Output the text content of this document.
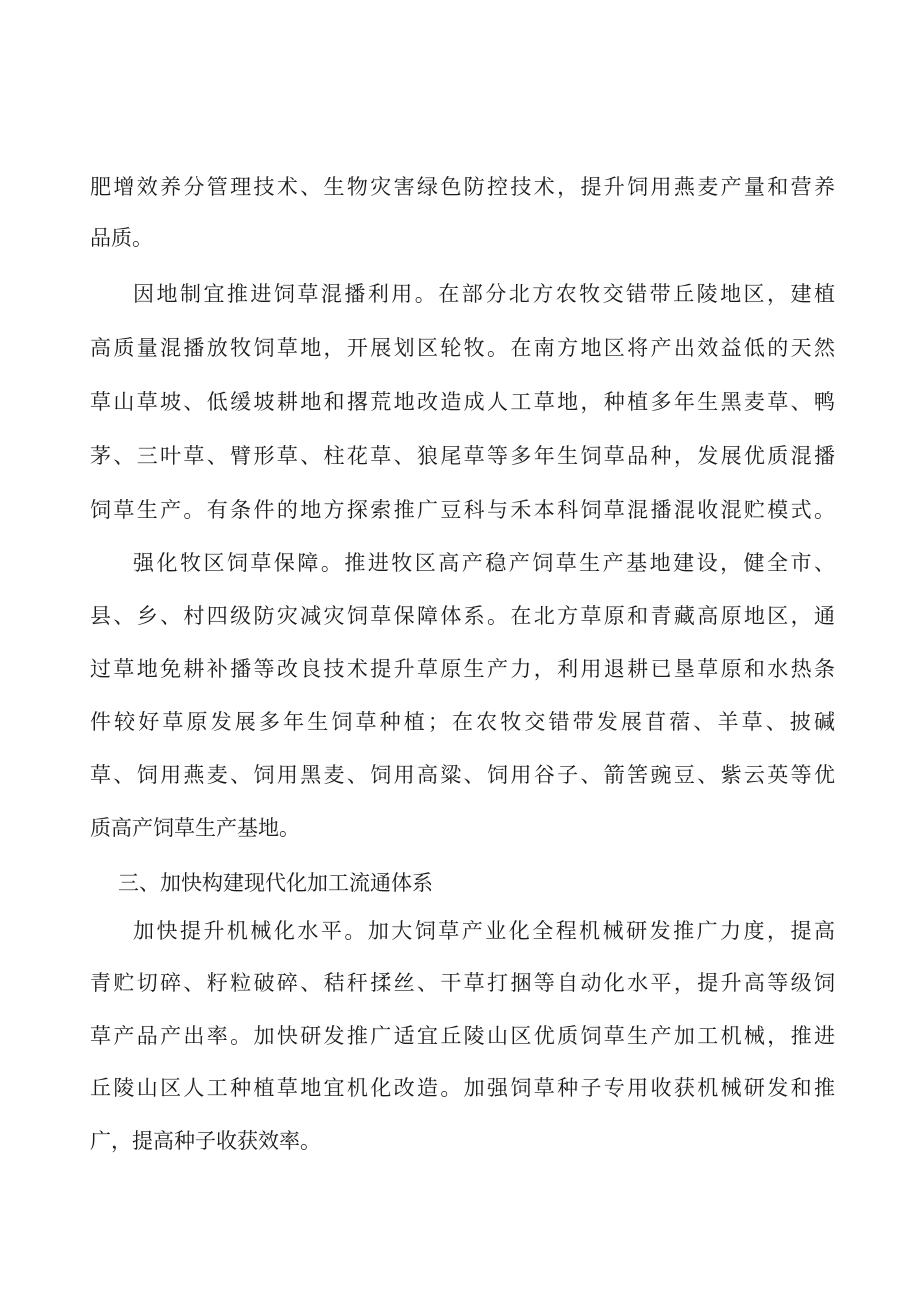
肥增效养分管理技术、生物灾害绿色防控技术，提升饲用燕麦产量和营养
品质。
因地制宜推进饲草混播利用。在部分北方农牧交错带丘陵地区，建植
高质量混播放牧饲草地，开展划区轮牧。在南方地区将产出效益低的天然
草山草坡、低缓坡耕地和撂荒地改造成人工草地，种植多年生黑麦草、鸭
茅、三叶草、臂形草、柱花草、狼尾草等多年生饲草品种，发展优质混播
饲草生产。有条件的地方探索推广豆科与禾本科饲草混播混收混贮模式。
强化牧区饲草保障。推进牧区高产稳产饲草生产基地建设，健全市、
县、乡、村四级防灾减灾饲草保障体系。在北方草原和青藏高原地区，通
过草地免耕补播等改良技术提升草原生产力，利用退耕已垦草原和水热条
件较好草原发展多年生饲草种植；在农牧交错带发展苜蓿、羊草、披碱
草、饲用燕麦、饲用黑麦、饲用高粱、饲用谷子、箭筈豌豆、紫云英等优
质高产饲草生产基地。
三、加快构建现代化加工流通体系
加快提升机械化水平。加大饲草产业化全程机械研发推广力度，提高
青贮切碎、籽粒破碎、秸秆揉丝、干草打捆等自动化水平，提升高等级饲
草产品产出率。加快研发推广适宜丘陵山区优质饲草生产加工机械，推进
丘陵山区人工种植草地宜机化改造。加强饲草种子专用收获机械研发和推
广，提高种子收获效率。
